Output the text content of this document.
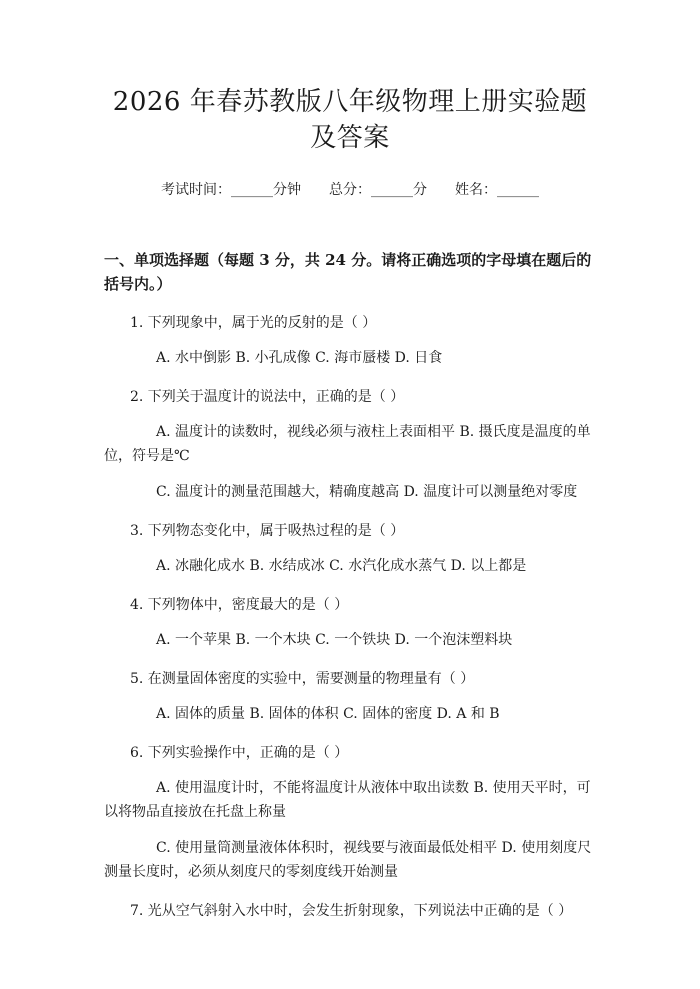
2026 年春苏教版八年级物理上册实验题及答案
考试时间：______分钟 总分：______分 姓名：______
一、单项选择题（每题 3 分，共 24 分。请将正确选项的字母填在题后的括号内。）
1. 下列现象中，属于光的反射的是（ ）
A. 水中倒影 B. 小孔成像 C. 海市蜃楼 D. 日食
2. 下列关于温度计的说法中，正确的是（ ）
A. 温度计的读数时，视线必须与液柱上表面相平 B. 摄氏度是温度的单位，符号是℃
C. 温度计的测量范围越大，精确度越高 D. 温度计可以测量绝对零度
3. 下列物态变化中，属于吸热过程的是（ ）
A. 冰融化成水 B. 水结成冰 C. 水汽化成水蒸气 D. 以上都是
4. 下列物体中，密度最大的是（ ）
A. 一个苹果 B. 一个木块 C. 一个铁块 D. 一个泡沫塑料块
5. 在测量固体密度的实验中，需要测量的物理量有（ ）
A. 固体的质量 B. 固体的体积 C. 固体的密度 D. A 和 B
6. 下列实验操作中，正确的是（ ）
A. 使用温度计时，不能将温度计从液体中取出读数 B. 使用天平时，可以将物品直接放在托盘上称量
C. 使用量筒测量液体体积时，视线要与液面最低处相平 D. 使用刻度尺测量长度时，必须从刻度尺的零刻度线开始测量
7. 光从空气斜射入水中时，会发生折射现象，下列说法中正确的是（ ）
